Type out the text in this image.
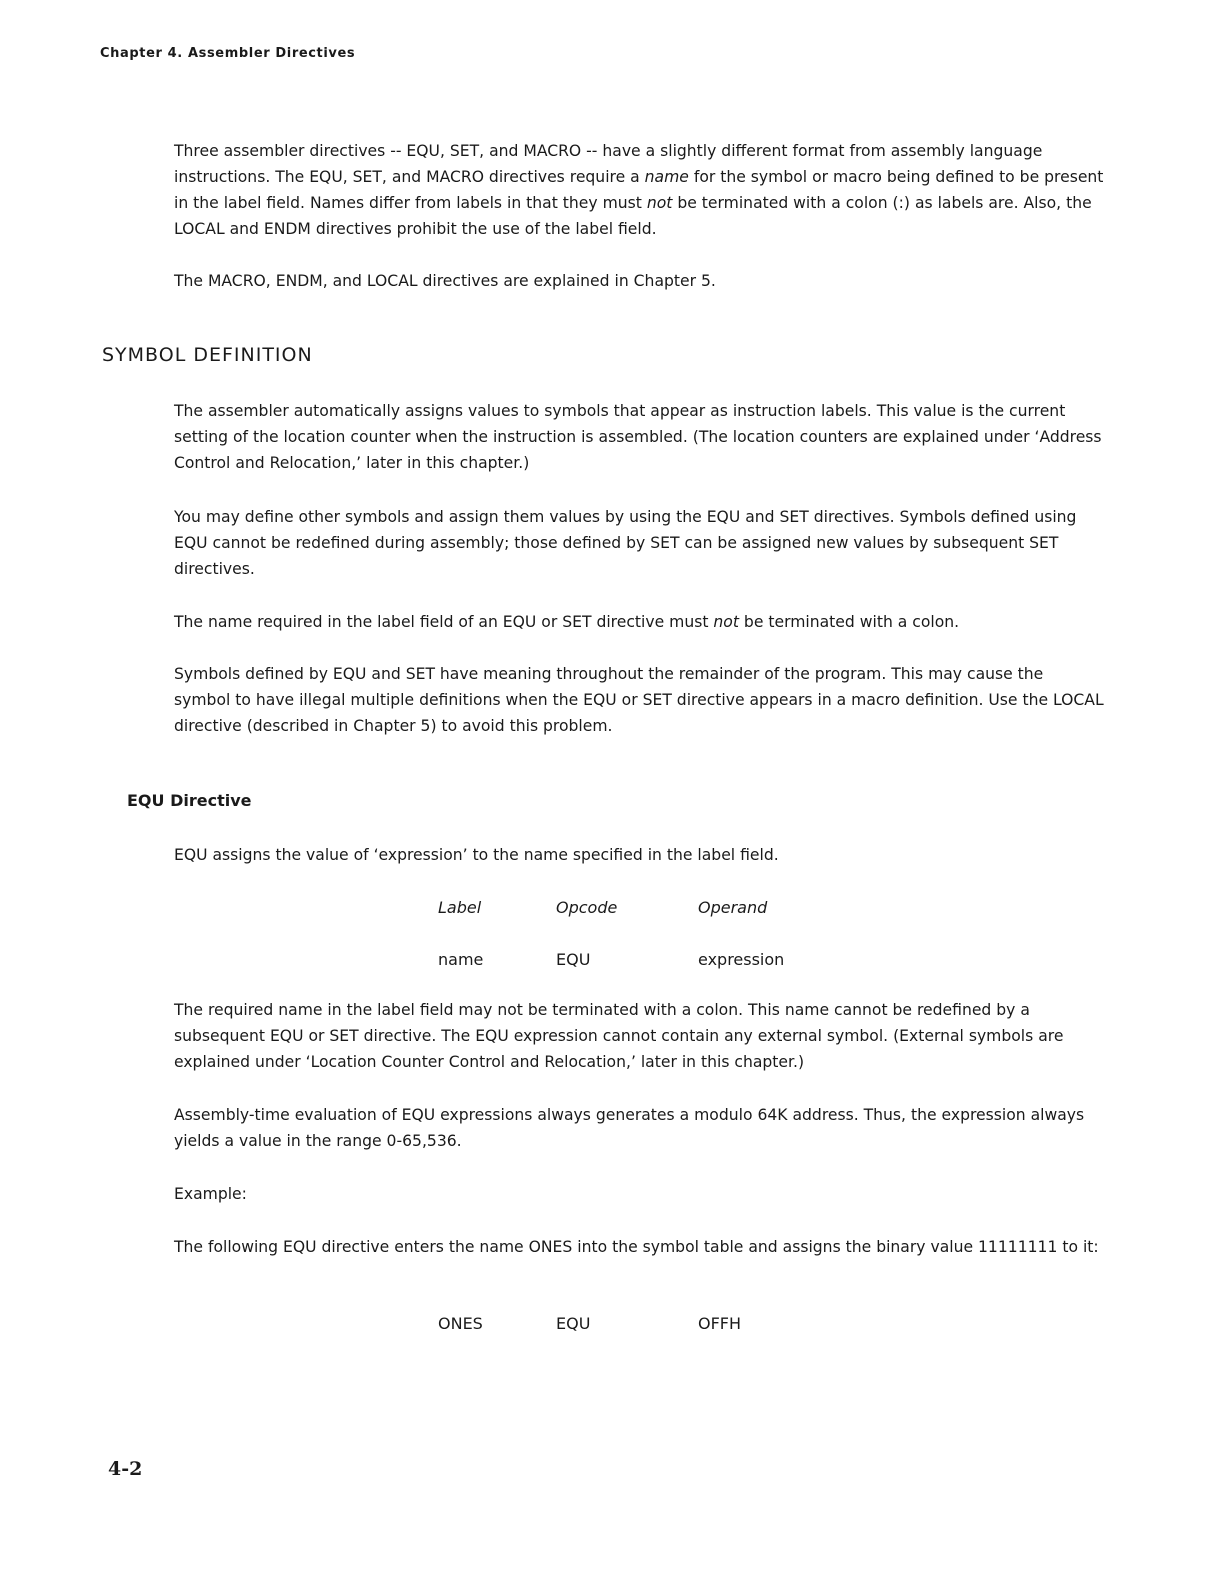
Chapter 4. Assembler Directives

Three assembler directives -- EQU, SET, and MACRO -- have a slightly different format from assembly language instructions. The EQU, SET, and MACRO directives require a name for the symbol or macro being defined to be present in the label field. Names differ from labels in that they must not be terminated with a colon (:) as labels are. Also, the LOCAL and ENDM directives prohibit the use of the label field.

The MACRO, ENDM, and LOCAL directives are explained in Chapter 5.

SYMBOL DEFINITION

The assembler automatically assigns values to symbols that appear as instruction labels. This value is the current setting of the location counter when the instruction is assembled. (The location counters are explained under ‘Address Control and Relocation,’ later in this chapter.)

You may define other symbols and assign them values by using the EQU and SET directives. Symbols defined using EQU cannot be redefined during assembly; those defined by SET can be assigned new values by subsequent SET directives.

The name required in the label field of an EQU or SET directive must not be terminated with a colon.

Symbols defined by EQU and SET have meaning throughout the remainder of the program. This may cause the symbol to have illegal multiple definitions when the EQU or SET directive appears in a macro definition. Use the LOCAL directive (described in Chapter 5) to avoid this problem.

EQU Directive

EQU assigns the value of ‘expression’ to the name specified in the label field.

Label	Opcode	Operand
name	EQU	expression

The required name in the label field may not be terminated with a colon. This name cannot be redefined by a subsequent EQU or SET directive. The EQU expression cannot contain any external symbol. (External symbols are explained under ‘Location Counter Control and Relocation,’ later in this chapter.)

Assembly-time evaluation of EQU expressions always generates a modulo 64K address. Thus, the expression always yields a value in the range 0-65,536.

Example:

The following EQU directive enters the name ONES into the symbol table and assigns the binary value 11111111 to it:

ONES	EQU	OFFH
4-2
